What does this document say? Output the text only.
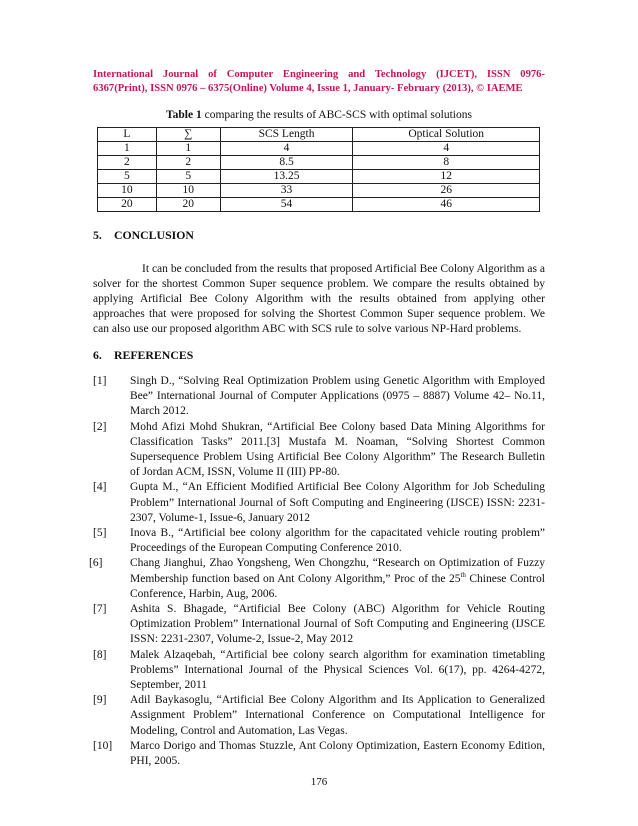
International Journal of Computer Engineering and Technology (IJCET), ISSN 0976-
6367(Print), ISSN 0976 – 6375(Online) Volume 4, Issue 1, January- February (2013), © IAEME
Table 1 comparing the results of ABC-SCS with optimal solutions
L	∑	SCS Length	Optical Solution
1	1	4	4
2	2	8.5	8
5	5	13.25	12
10	10	33	26
20	20	54	46
5. CONCLUSION

It can be concluded from the results that proposed Artificial Bee Colony Algorithm as a solver for the shortest Common Super sequence problem. We compare the results obtained by applying Artificial Bee Colony Algorithm with the results obtained from applying other approaches that were proposed for solving the Shortest Common Super sequence problem. We can also use our proposed algorithm ABC with SCS rule to solve various NP-Hard problems.

6. REFERENCES
[1] Singh D., “Solving Real Optimization Problem using Genetic Algorithm with Employed Bee” International Journal of Computer Applications (0975 – 8887) Volume 42– No.11, March 2012.
[2] Mohd Afizi Mohd Shukran, “Artificial Bee Colony based Data Mining Algorithms for Classification Tasks” 2011.[3] Mustafa M. Noaman, “Solving Shortest Common Supersequence Problem Using Artificial Bee Colony Algorithm” The Research Bulletin of Jordan ACM, ISSN, Volume II (III) PP-80.
[4] Gupta M., “An Efficient Modified Artificial Bee Colony Algorithm for Job Scheduling Problem” International Journal of Soft Computing and Engineering (IJSCE) ISSN: 2231-2307, Volume-1, Issue-6, January 2012
[5] Inova B., “Artificial bee colony algorithm for the capacitated vehicle routing problem” Proceedings of the European Computing Conference 2010.
[6] Chang Jianghui, Zhao Yongsheng, Wen Chongzhu, “Research on Optimization of Fuzzy Membership function based on Ant Colony Algorithm,” Proc of the 25th Chinese Control Conference, Harbin, Aug, 2006.
[7] Ashita S. Bhagade, “Artificial Bee Colony (ABC) Algorithm for Vehicle Routing Optimization Problem” International Journal of Soft Computing and Engineering (IJSCE ISSN: 2231-2307, Volume-2, Issue-2, May 2012
[8] Malek Alzaqebah, “Artificial bee colony search algorithm for examination timetabling Problems” International Journal of the Physical Sciences Vol. 6(17), pp. 4264-4272, September, 2011
[9] Adil Baykasoglu, “Artificial Bee Colony Algorithm and Its Application to Generalized Assignment Problem” International Conference on Computational Intelligence for Modeling, Control and Automation, Las Vegas.
[10] Marco Dorigo and Thomas Stuzzle, Ant Colony Optimization, Eastern Economy Edition, PHI, 2005.
176
